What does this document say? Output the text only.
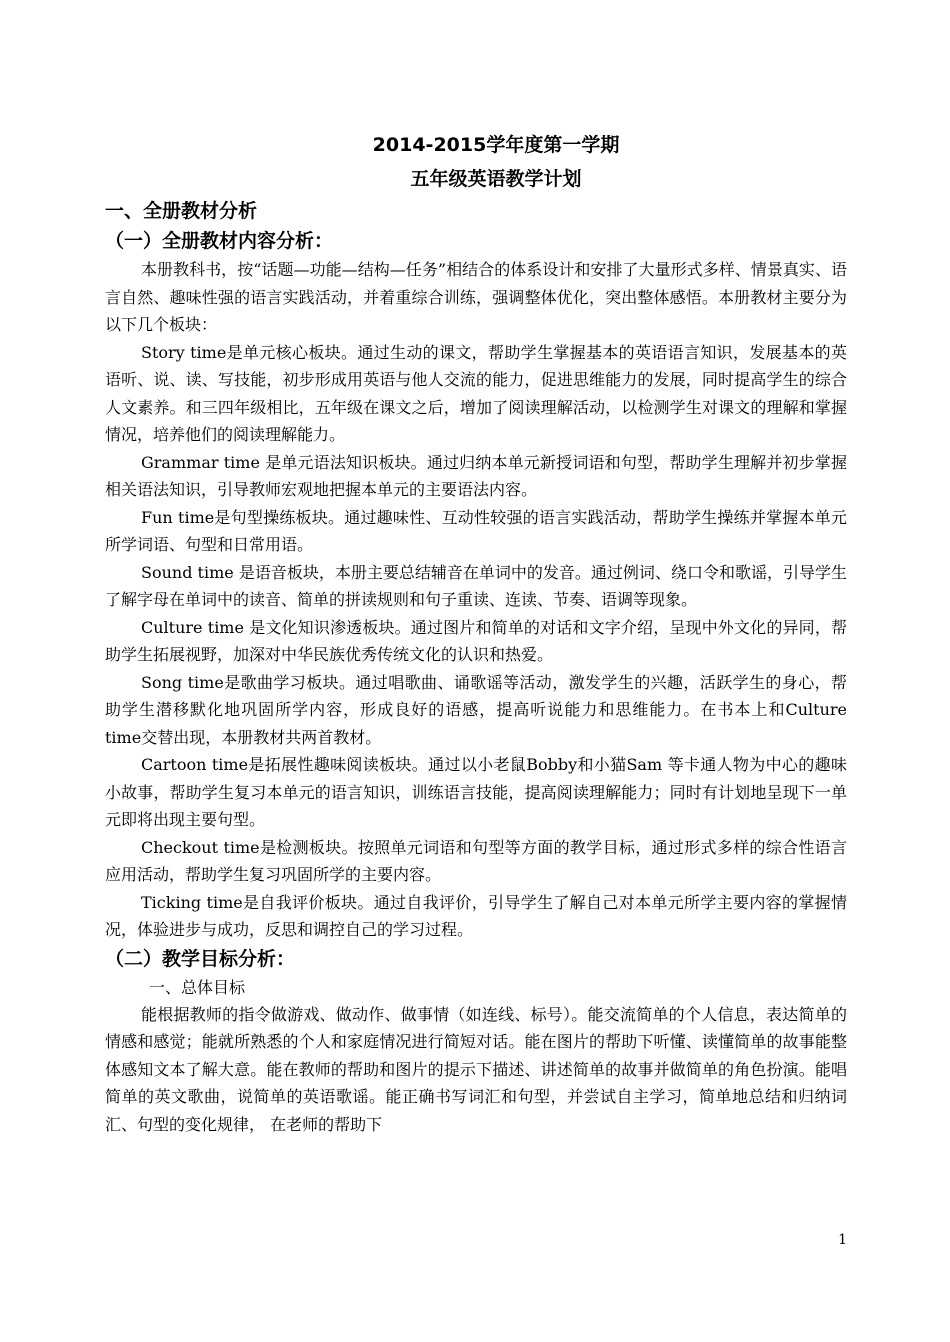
2014-2015学年度第一学期
五年级英语教学计划
一、全册教材分析
（一）全册教材内容分析：

本册教科书，按“话题—功能—结构—任务”相结合的体系设计和安排了大量形式多样、情景真实、语言自然、趣味性强的语言实践活动，并着重综合训练，强调整体优化，突出整体感悟。本册教材主要分为以下几个板块：

Story time是单元核心板块。通过生动的课文，帮助学生掌握基本的英语语言知识，发展基本的英语听、说、读、写技能，初步形成用英语与他人交流的能力，促进思维能力的发展，同时提高学生的综合人文素养。和三四年级相比，五年级在课文之后，增加了阅读理解活动，以检测学生对课文的理解和掌握情况，培养他们的阅读理解能力。

Grammar time 是单元语法知识板块。通过归纳本单元新授词语和句型，帮助学生理解并初步掌握相关语法知识，引导教师宏观地把握本单元的主要语法内容。

Fun time是句型操练板块。通过趣味性、互动性较强的语言实践活动，帮助学生操练并掌握本单元所学词语、句型和日常用语。

Sound time 是语音板块，本册主要总结辅音在单词中的发音。通过例词、绕口令和歌谣，引导学生了解字母在单词中的读音、简单的拼读规则和句子重读、连读、节奏、语调等现象。

Culture time 是文化知识渗透板块。通过图片和简单的对话和文字介绍，呈现中外文化的异同，帮助学生拓展视野，加深对中华民族优秀传统文化的认识和热爱。

Song time是歌曲学习板块。通过唱歌曲、诵歌谣等活动，激发学生的兴趣，活跃学生的身心，帮助学生潜移默化地巩固所学内容，形成良好的语感，提高听说能力和思维能力。在书本上和Culture time交替出现，本册教材共两首教材。

Cartoon time是拓展性趣味阅读板块。通过以小老鼠Bobby和小猫Sam 等卡通人物为中心的趣味小故事，帮助学生复习本单元的语言知识，训练语言技能，提高阅读理解能力；同时有计划地呈现下一单元即将出现主要句型。

Checkout time是检测板块。按照单元词语和句型等方面的教学目标，通过形式多样的综合性语言应用活动，帮助学生复习巩固所学的主要内容。

Ticking time是自我评价板块。通过自我评价，引导学生了解自己对本单元所学主要内容的掌握情况，体验进步与成功，反思和调控自己的学习过程。

（二）教学目标分析：
一、总体目标

能根据教师的指令做游戏、做动作、做事情（如连线、标号）。能交流简单的个人信息，表达简单的情感和感觉；能就所熟悉的个人和家庭情况进行简短对话。能在图片的帮助下听懂、读懂简单的故事能整体感知文本了解大意。能在教师的帮助和图片的提示下描述、讲述简单的故事并做简单的角色扮演。能唱简单的英文歌曲，说简单的英语歌谣。能正确书写词汇和句型，并尝试自主学习，简单地总结和归纳词汇、句型的变化规律， 在老师的帮助下

1
